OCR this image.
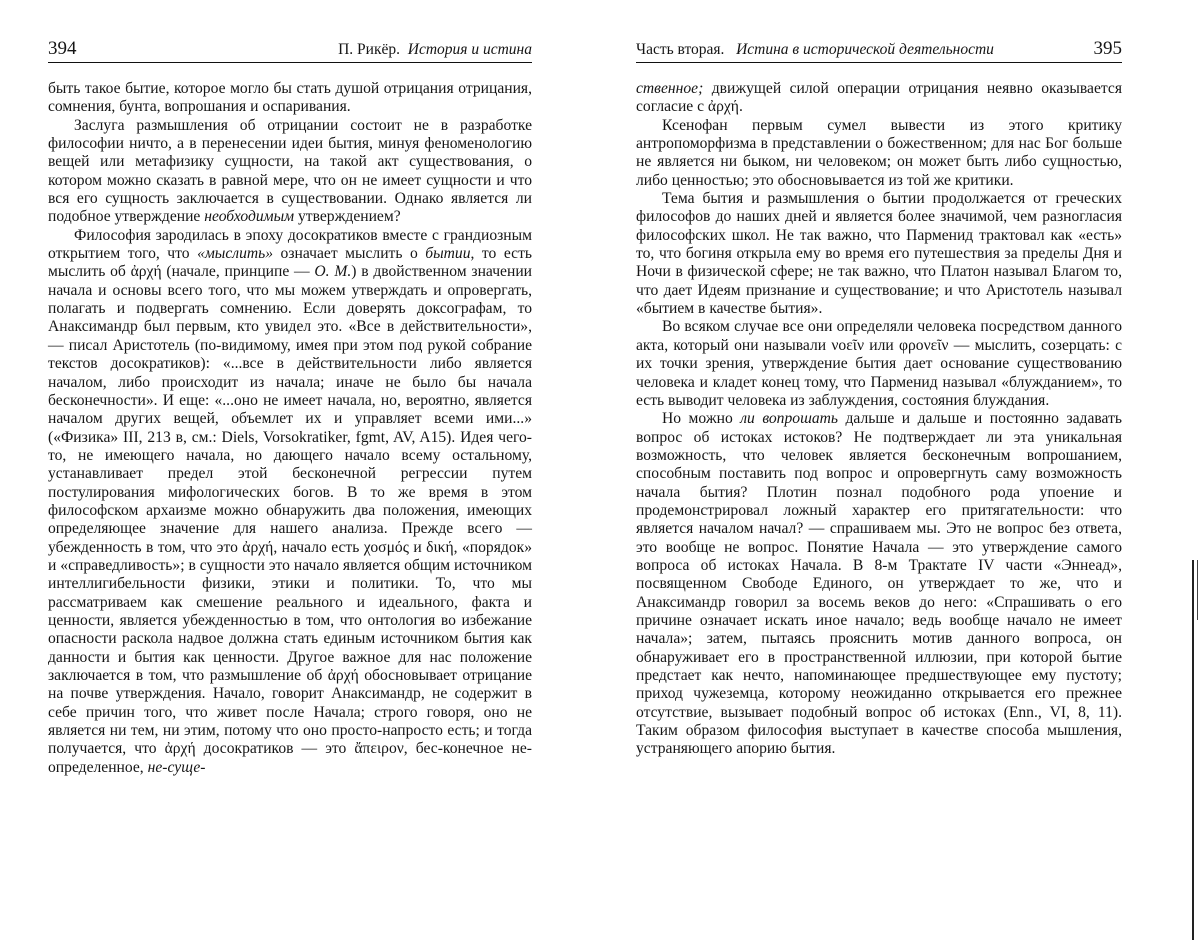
394	П. Рикёр. История и истина

быть такое бытие, которое могло бы стать душой отрицания отрицания, сомнения, бунта, вопрошания и оспаривания.

Заслуга размышления об отрицании состоит не в разработке философии ничто, а в перенесении идеи бытия, минуя феноменологию вещей или метафизику сущности, на такой акт существования, о котором можно сказать в равной мере, что он не имеет сущности и что вся его сущность заключается в существовании. Однако является ли подобное утверждение необходимым утверждением?

Философия зародилась в эпоху досократиков вместе с грандиозным открытием того, что «мыслить» означает мыслить о бытии, то есть мыслить об ἀρχή (начале, принципе — О. М.) в двойственном значении начала и основы всего того, что мы можем утверждать и опровергать, полагать и подвергать сомнению. Если доверять доксографам, то Анаксимандр был первым, кто увидел это. «Все в действительности», — писал Аристотель (по-видимому, имея при этом под рукой собрание текстов досократиков): «...все в действительности либо является началом, либо происходит из начала; иначе не было бы начала бесконечности». И еще: «...оно не имеет начала, но, вероятно, является началом других вещей, объемлет их и управляет всеми ими...» («Физика» III, 213 в, см.: Diels, Vorsokratiker, fgmt, AV, A15). Идея чего-то, не имеющего начала, но дающего начало всему остальному, устанавливает предел этой бесконечной регрессии путем постулирования мифологических богов. В то же время в этом философском архаизме можно обнаружить два положения, имеющих определяющее значение для нашего анализа. Прежде всего — убежденность в том, что это ἀρχή, начало есть χοσμός и δική, «порядок» и «справедливость»; в сущности это начало является общим источником интеллигибельности физики, этики и политики. То, что мы рассматриваем как смешение реального и идеального, факта и ценности, является убежденностью в том, что онтология во избежание опасности раскола надвое должна стать единым источником бытия как данности и бытия как ценности. Другое важное для нас положение заключается в том, что размышление об ἀρχή обосновывает отрицание на почве утверждения. Начало, говорит Анаксимандр, не содержит в себе причин того, что живет после Начала; строго говоря, оно не является ни тем, ни этим, потому что оно просто-напросто есть; и тогда получается, что ἀρχή досократиков — это ἄπειρον, бес-конечное не-определенное, не-суще-

Часть вторая. Истина в исторической деятельности	395

ственное; движущей силой операции отрицания неявно оказывается согласие с ἀρχή.

Ксенофан первым сумел вывести из этого критику антропоморфизма в представлении о божественном; для нас Бог больше не является ни быком, ни человеком; он может быть либо сущностью, либо ценностью; это обосновывается из той же критики.

Тема бытия и размышления о бытии продолжается от греческих философов до наших дней и является более значимой, чем разногласия философских школ. Не так важно, что Парменид трактовал как «есть» то, что богиня открыла ему во время его путешествия за пределы Дня и Ночи в физической сфере; не так важно, что Платон называл Благом то, что дает Идеям признание и существование; и что Аристотель называл «бытием в качестве бытия».

Во всяком случае все они определяли человека посредством данного акта, который они называли νοεῖν или φρονεῖν — мыслить, созерцать: с их точки зрения, утверждение бытия дает основание существованию человека и кладет конец тому, что Парменид называл «блужданием», то есть выводит человека из заблуждения, состояния блуждания.

Но можно ли вопрошать дальше и дальше и постоянно задавать вопрос об истоках истоков? Не подтверждает ли эта уникальная возможность, что человек является бесконечным вопрошанием, способным поставить под вопрос и опровергнуть саму возможность начала бытия? Плотин познал подобного рода упоение и продемонстрировал ложный характер его притягательности: что является началом начал? — спрашиваем мы. Это не вопрос без ответа, это вообще не вопрос. Понятие Начала — это утверждение самого вопроса об истоках Начала. В 8-м Трактате IV части «Эннеад», посвященном Свободе Единого, он утверждает то же, что и Анаксимандр говорил за восемь веков до него: «Спрашивать о его причине означает искать иное начало; ведь вообще начало не имеет начала»; затем, пытаясь прояснить мотив данного вопроса, он обнаруживает его в пространственной иллюзии, при которой бытие предстает как нечто, напоминающее предшествующее ему пустоту; приход чужеземца, которому неожиданно открывается его прежнее отсутствие, вызывает подобный вопрос об истоках (Enn., VI, 8, 11). Таким образом философия выступает в качестве способа мышления, устраняющего апорию бытия.
